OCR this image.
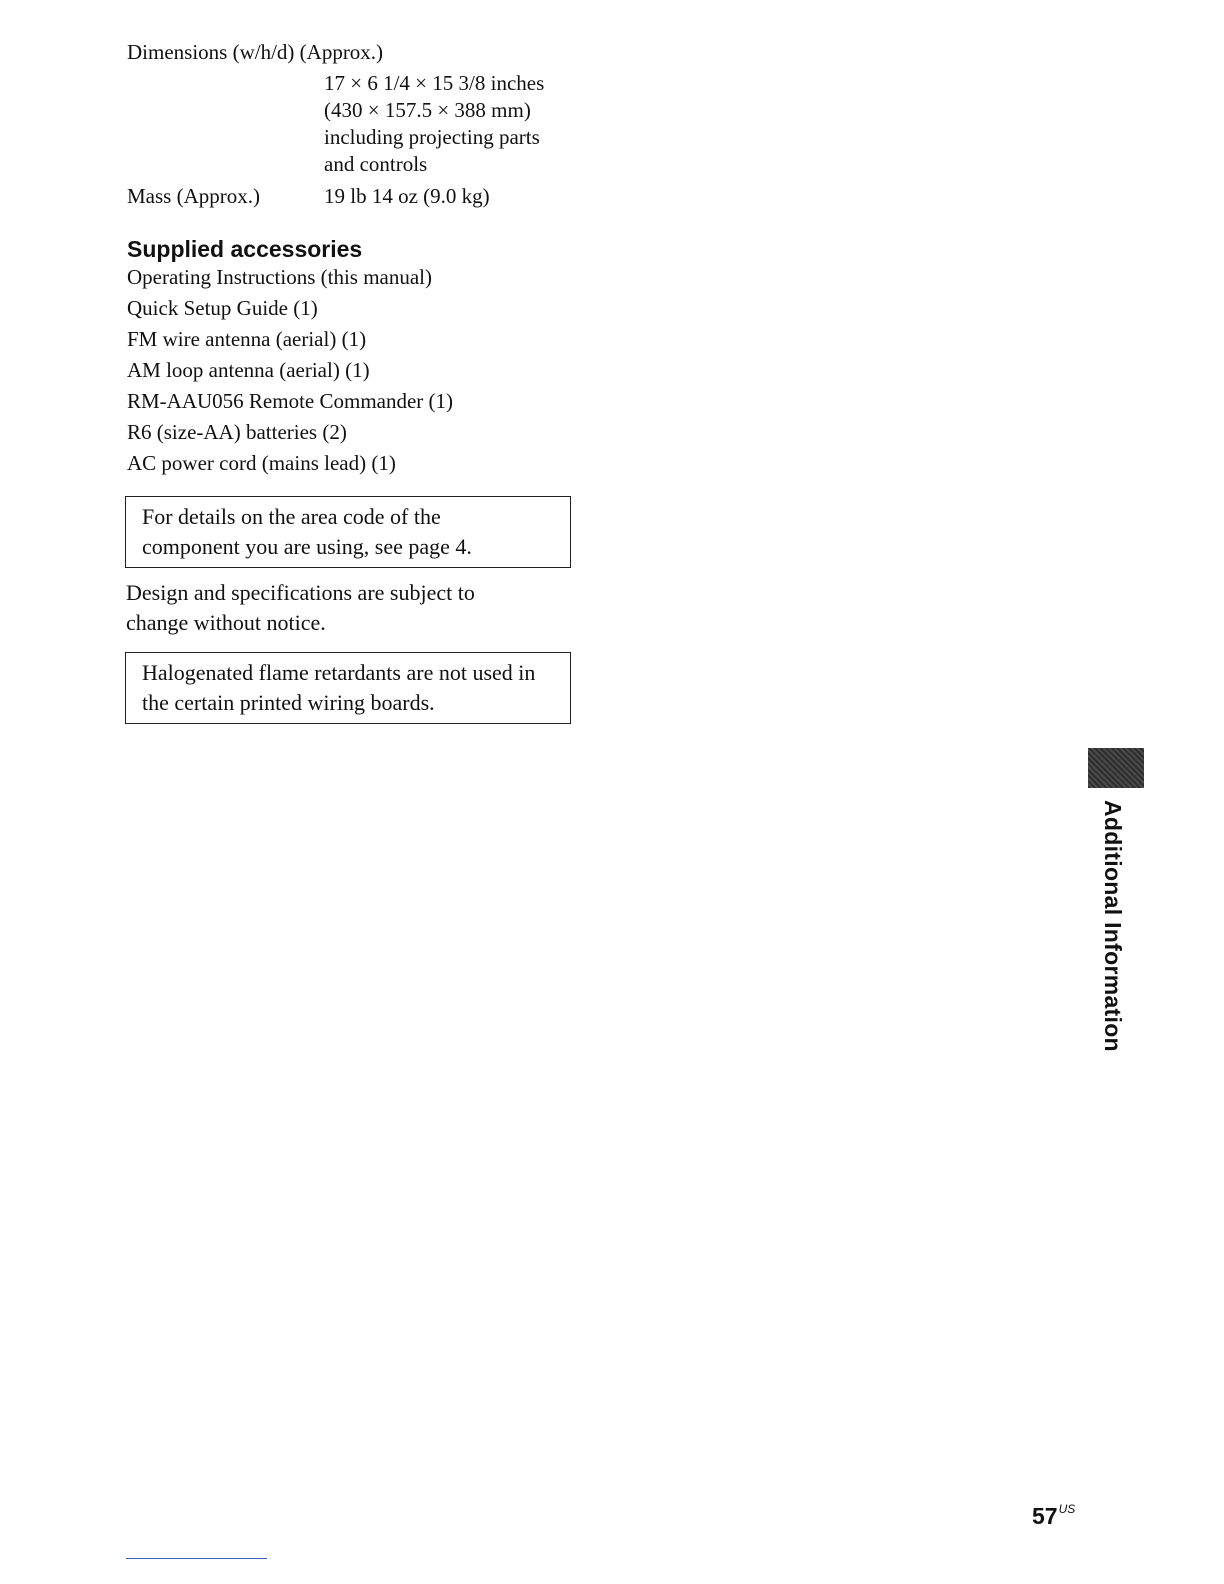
Dimensions (w/h/d) (Approx.)
17 × 6 1/4 × 15 3/8 inches
(430 × 157.5 × 388 mm)
including projecting parts
and controls
Mass (Approx.)	19 lb 14 oz (9.0 kg)
Supplied accessories
Operating Instructions (this manual)
Quick Setup Guide (1)
FM wire antenna (aerial) (1)
AM loop antenna (aerial) (1)
RM-AAU056 Remote Commander (1)
R6 (size-AA) batteries (2)
AC power cord (mains lead) (1)
For details on the area code of the
component you are using, see page 4.
Design and specifications are subject to
change without notice.
Halogenated flame retardants are not used in
the certain printed wiring boards.
Additional Information
$57^{US}$
